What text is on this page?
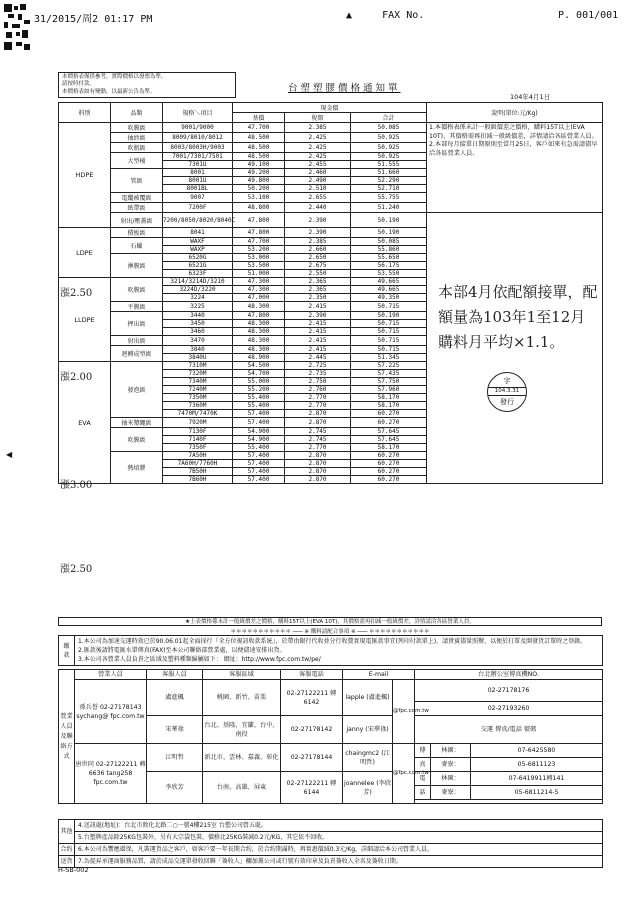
31/2015/周2 01:17 PM	▲	FAX No.	P. 001/001
◀
本價格表僅供參考，實際價格以發票為準。
請按時付款。
本價格表如有變動，以最新公告為準。	台塑塑膠價格通知單
104年4月1日
料別	品類	規格＼項目	現金價			說明(單位:元/Kg)
			基價	稅額	合計	
HDPE	吹膜級	9001/9000	47.700	2.385	50.085	1.本價格表係未計一般級價差之價格，購料15T以上(EVA 10T)，其價格需再扣減一般級價差，詳情請洽各區營業人員。
2.本部每月接單日期原則至當月25日，客戶如來有急需請儘早洽各區營業人員。

	抽紗級	8009/8010/8012	48.500	2.425	50.925	
	吹瓶級	8003/8003H/9003	48.500	2.425	50.925	
	大型桶	7001/7301/7501	48.500	2.425	50.925	
		7301U	49.100	2.455	51.555	
	管級	8001	49.200	2.460	51.660	
		8001U	49.800	2.490	52.290	
		8001BL	50.200	2.510	52.710	
	電纜被覆級	9007	53.100	2.655	55.755	
	紙帶級	7200F	48.800	2.440	51.240	
	射出/壓蓋級	7200/8050/8020/8040C	47.800	2.390	50.190	
LDPE	積板級	8041	47.800	2.390	50.190	
	石蠟	WAXF	47.700	2.385	50.085	
		WAXP	53.200	2.660	55.860	
	淋膜級	6520G	53.000	2.650	55.650	
		6521G	53.500	2.675	56.175	
		6323F	51.000	2.550	53.550	
LLDPE	吹膜級	3214/3214D/3210	47.300	2.365	49.665	
		3224D/3220	47.300	2.365	49.665	
		3224	47.000	2.350	49.350	
	平膜級	3225	48.300	2.415	50.715	
	押出級	3440	47.800	2.390	50.190	
		3450	48.300	2.415	50.715	
		3460	48.300	2.415	50.715	
	射出級	3470	48.300	2.415	50.715	
	迴轉成型級	3840	48.300	2.415	50.715	
		3840U	48.900	2.445	51.345	
EVA	發泡級	7310M	54.500	2.725	57.225	
		7320M	54.700	2.735	57.435	
		7340M	55.000	2.750	57.750	
		7240M	55.200	2.760	57.960	
		7350M	55.400	2.770	58.170	
		7360M	55.400	2.770	58.170	
		7470M/7470K	57.400	2.870	60.270	
	抽米漿繩級	7920M	57.400	2.870	60.270	
	吹膜級	7130F	54.900	2.745	57.645	
		7140F	54.900	2.745	57.645	
		7350F	55.400	2.770	58.170	
	熱熔膠	7A50H	57.400	2.870	60.270	
		7A60H/7760H	57.400	2.870	60.270	
		7B50H	57.400	2.870	60.270	
		7B60H	57.400	2.870	60.270	
漲2.50
漲2.00
漲3.00
漲2.50
★上表價格係未計一般級價差之價格，購料15T以上(EVA 10T)，其價格需再扣減一般級價差，詳情請洽各區營業人員。
＊＊＊＊＊＊＊＊＊＊＊ ─── ※ 購料請配合事項 ※ ─── ＊＊＊＊＊＊＊＊＊＊＊
繳款	
1.本公司為加速交運時效已於90.06.01起全面採行『全方位視訊收款系統』，於帶由銀行代收並分行收費實現電匯款事宜(列印付款單上)，請貴賓儘量照辦，以便於打單及開發貨訂單時之登錄。
2.匯款後請將電匯水單傳真(FAX)至本公司聯絡部營業處，以便儘速安排出貨。
3.本公司各營業人員負責之區域及塑料種類歸屬如下： 網址：http://www.fpc.com.tw/pe/
營業人員及聯絡方式	營業人員	客服人員	客服區域	客服電話	E-mail		台北辦公室傳真機NO.		
	孫兵誉 02-27178143 sychang@ fpc.com.tw	盧進楓	桃園、新竹、苗栗	02-27122211 轉6142	lapple (盧進楓)	@fpc.com.tw	02-27178176		
							02-27193260		
		宋華祿	台北、基隆、宜蘭、台中、南投	02-27178142	janny (宋華祿)		交運 傳真/電話 號碼		

	唐世同 02-27122211 轉6636 tang258 fpc.com.tw	江明哲	新北市、雲林、嘉義、彰化	02-27178144	chaingmc2 (江明哲)	@fpc.com.tw	傳	林園：	07-6425580
							真	麥寮：	05-6811123
		李欣芳	台南、高雄、屏東	02-27122211 轉6144	joannelee (李欣芳)		電	林園：	07-6419911轉141
							話	麥寮：	05-6811214-5

其他	4.送訊處(地址)：台北市敦化北路二○一號4樓215室 台塑公司營五處。
	5.台塑牌產品除25KG包裝外，另有大宗袋包裝，價格比25KG裝減0.2元/KG，其它依不回收。
合約	6.本公司為響應環保，凡裝運貨品之客戶，如客戶要一年長期合約，於合約期滿時，再實惠價減0.3元/Kg，詳細請洽本公司營業人員。
送貨	7.為提昇承運商服務品質，請於成品交運單發收回聯「簽收人」欄加蓋公司或行號有效印章及負責簽收人全名及簽收日期。
本部4月依配額接單，配額量為103年1至12月購料月平均×1.1。
字
104.3.31
發行
H-SB-002
